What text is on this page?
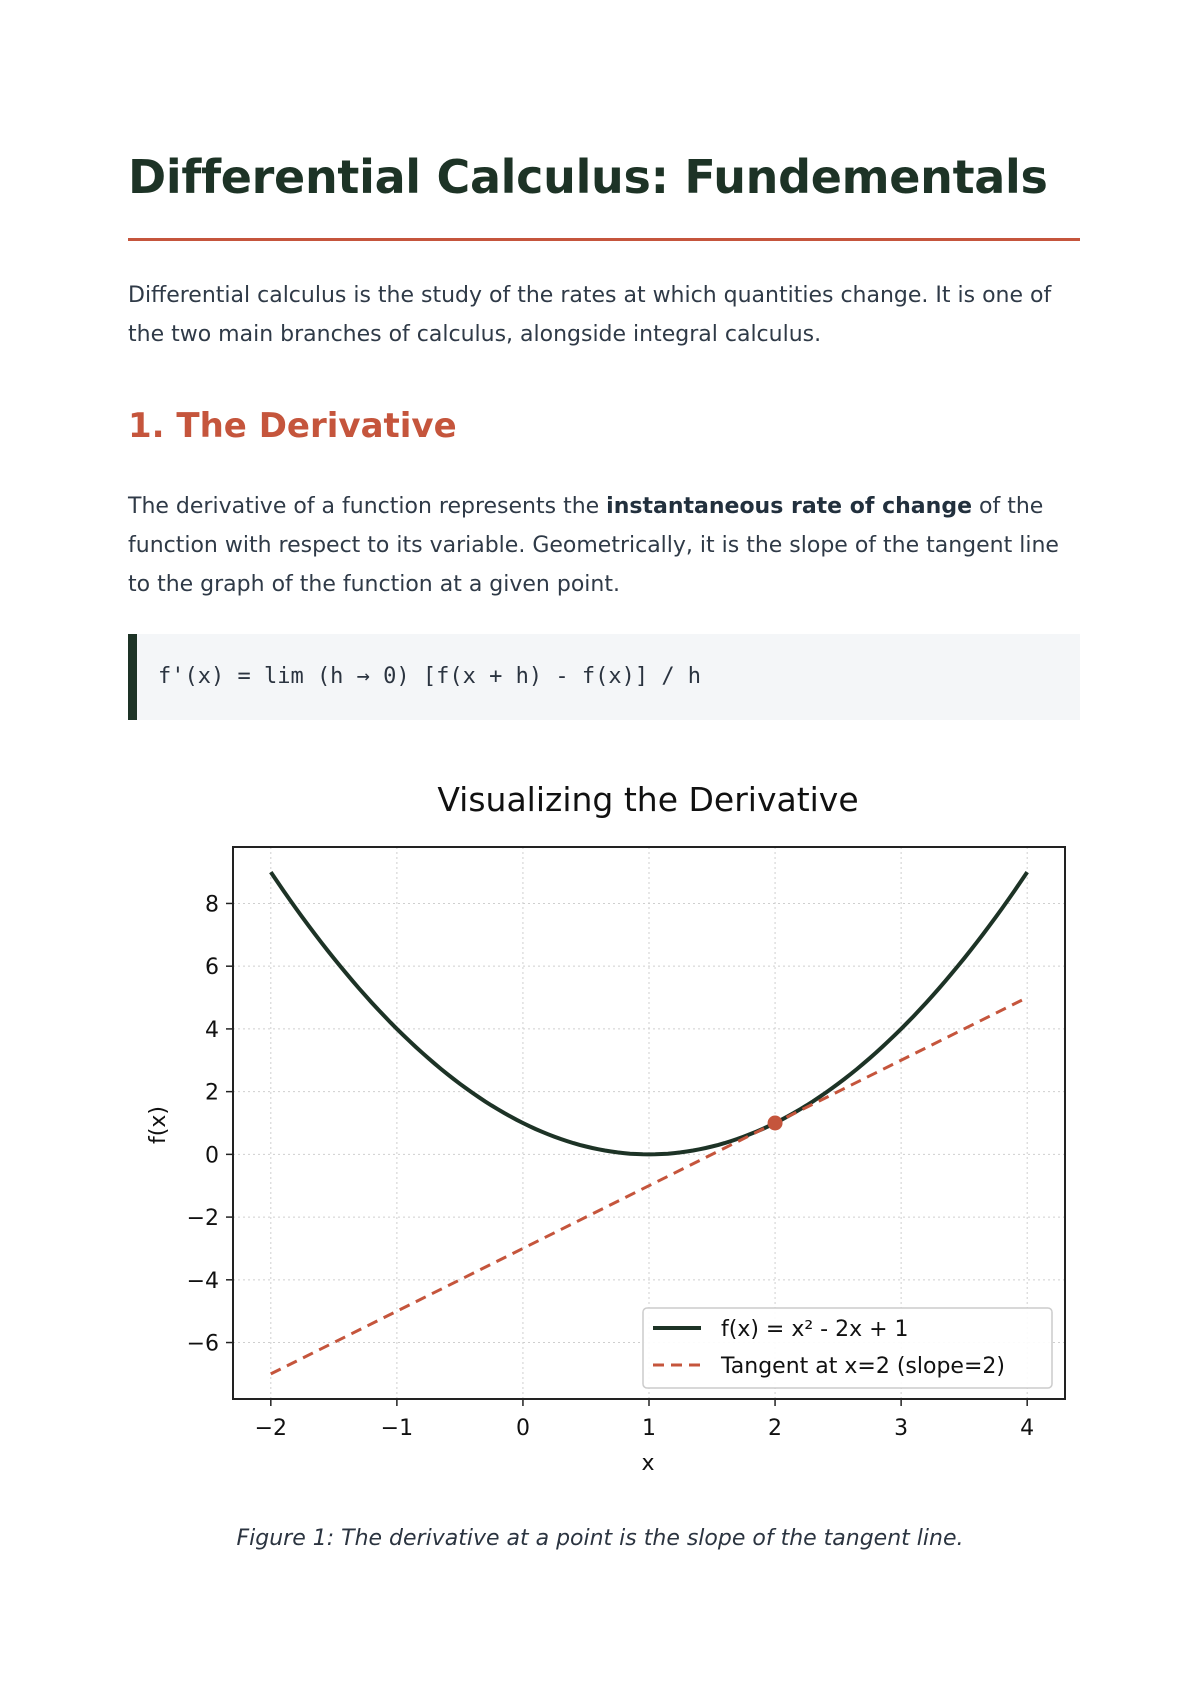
Differential Calculus: Fundementals

Differential calculus is the study of the rates at which quantities change. It is one of the two main branches of calculus, alongside integral calculus.

1. The Derivative

The derivative of a function represents the instantaneous rate of change of the function with respect to its variable. Geometrically, it is the slope of the tangent line to the graph of the function at a given point.

f'(x) = lim (h → 0) [f(x + h) - f(x)] / h
Visualizing the Derivative
−2	−1	0	1	2	3	4
−6
−4
−2
0
2
4
6
8
x
f(x)
f(x) = x² - 2x + 1
Tangent at x=2 (slope=2)
Figure 1: The derivative at a point is the slope of the tangent line.
